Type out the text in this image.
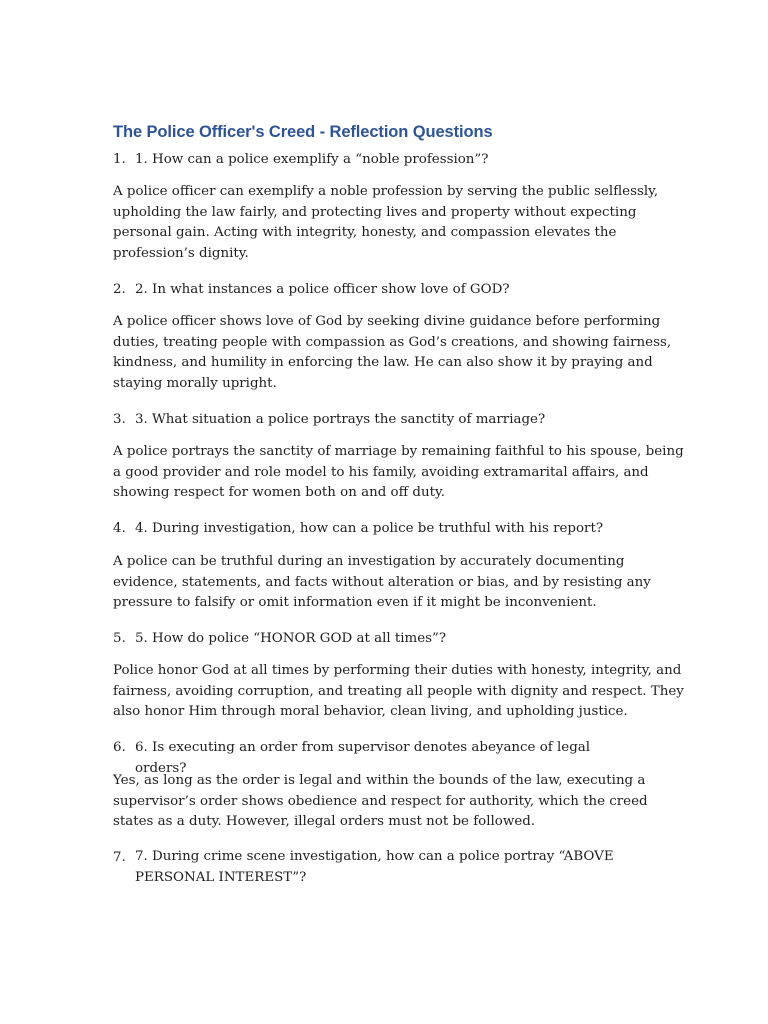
The Police Officer's Creed - Reflection Questions
1. 1. How can a police exemplify a “noble profession”?
A police officer can exemplify a noble profession by serving the public selflessly,
upholding the law fairly, and protecting lives and property without expecting
personal gain. Acting with integrity, honesty, and compassion elevates the
profession’s dignity.
2. 2. In what instances a police officer show love of GOD?
A police officer shows love of God by seeking divine guidance before performing
duties, treating people with compassion as God’s creations, and showing fairness,
kindness, and humility in enforcing the law. He can also show it by praying and
staying morally upright.
3. 3. What situation a police portrays the sanctity of marriage?
A police portrays the sanctity of marriage by remaining faithful to his spouse, being
a good provider and role model to his family, avoiding extramarital affairs, and
showing respect for women both on and off duty.
4. 4. During investigation, how can a police be truthful with his report?
A police can be truthful during an investigation by accurately documenting
evidence, statements, and facts without alteration or bias, and by resisting any
pressure to falsify or omit information even if it might be inconvenient.
5. 5. How do police “HONOR GOD at all times”?
Police honor God at all times by performing their duties with honesty, integrity, and
fairness, avoiding corruption, and treating all people with dignity and respect. They
also honor Him through moral behavior, clean living, and upholding justice.
6. 6. Is executing an order from supervisor denotes abeyance of legal orders?
Yes, as long as the order is legal and within the bounds of the law, executing a
supervisor’s order shows obedience and respect for authority, which the creed
states as a duty. However, illegal orders must not be followed.
7. 7. During crime scene investigation, how can a police portray “ABOVE
PERSONAL INTEREST”?
